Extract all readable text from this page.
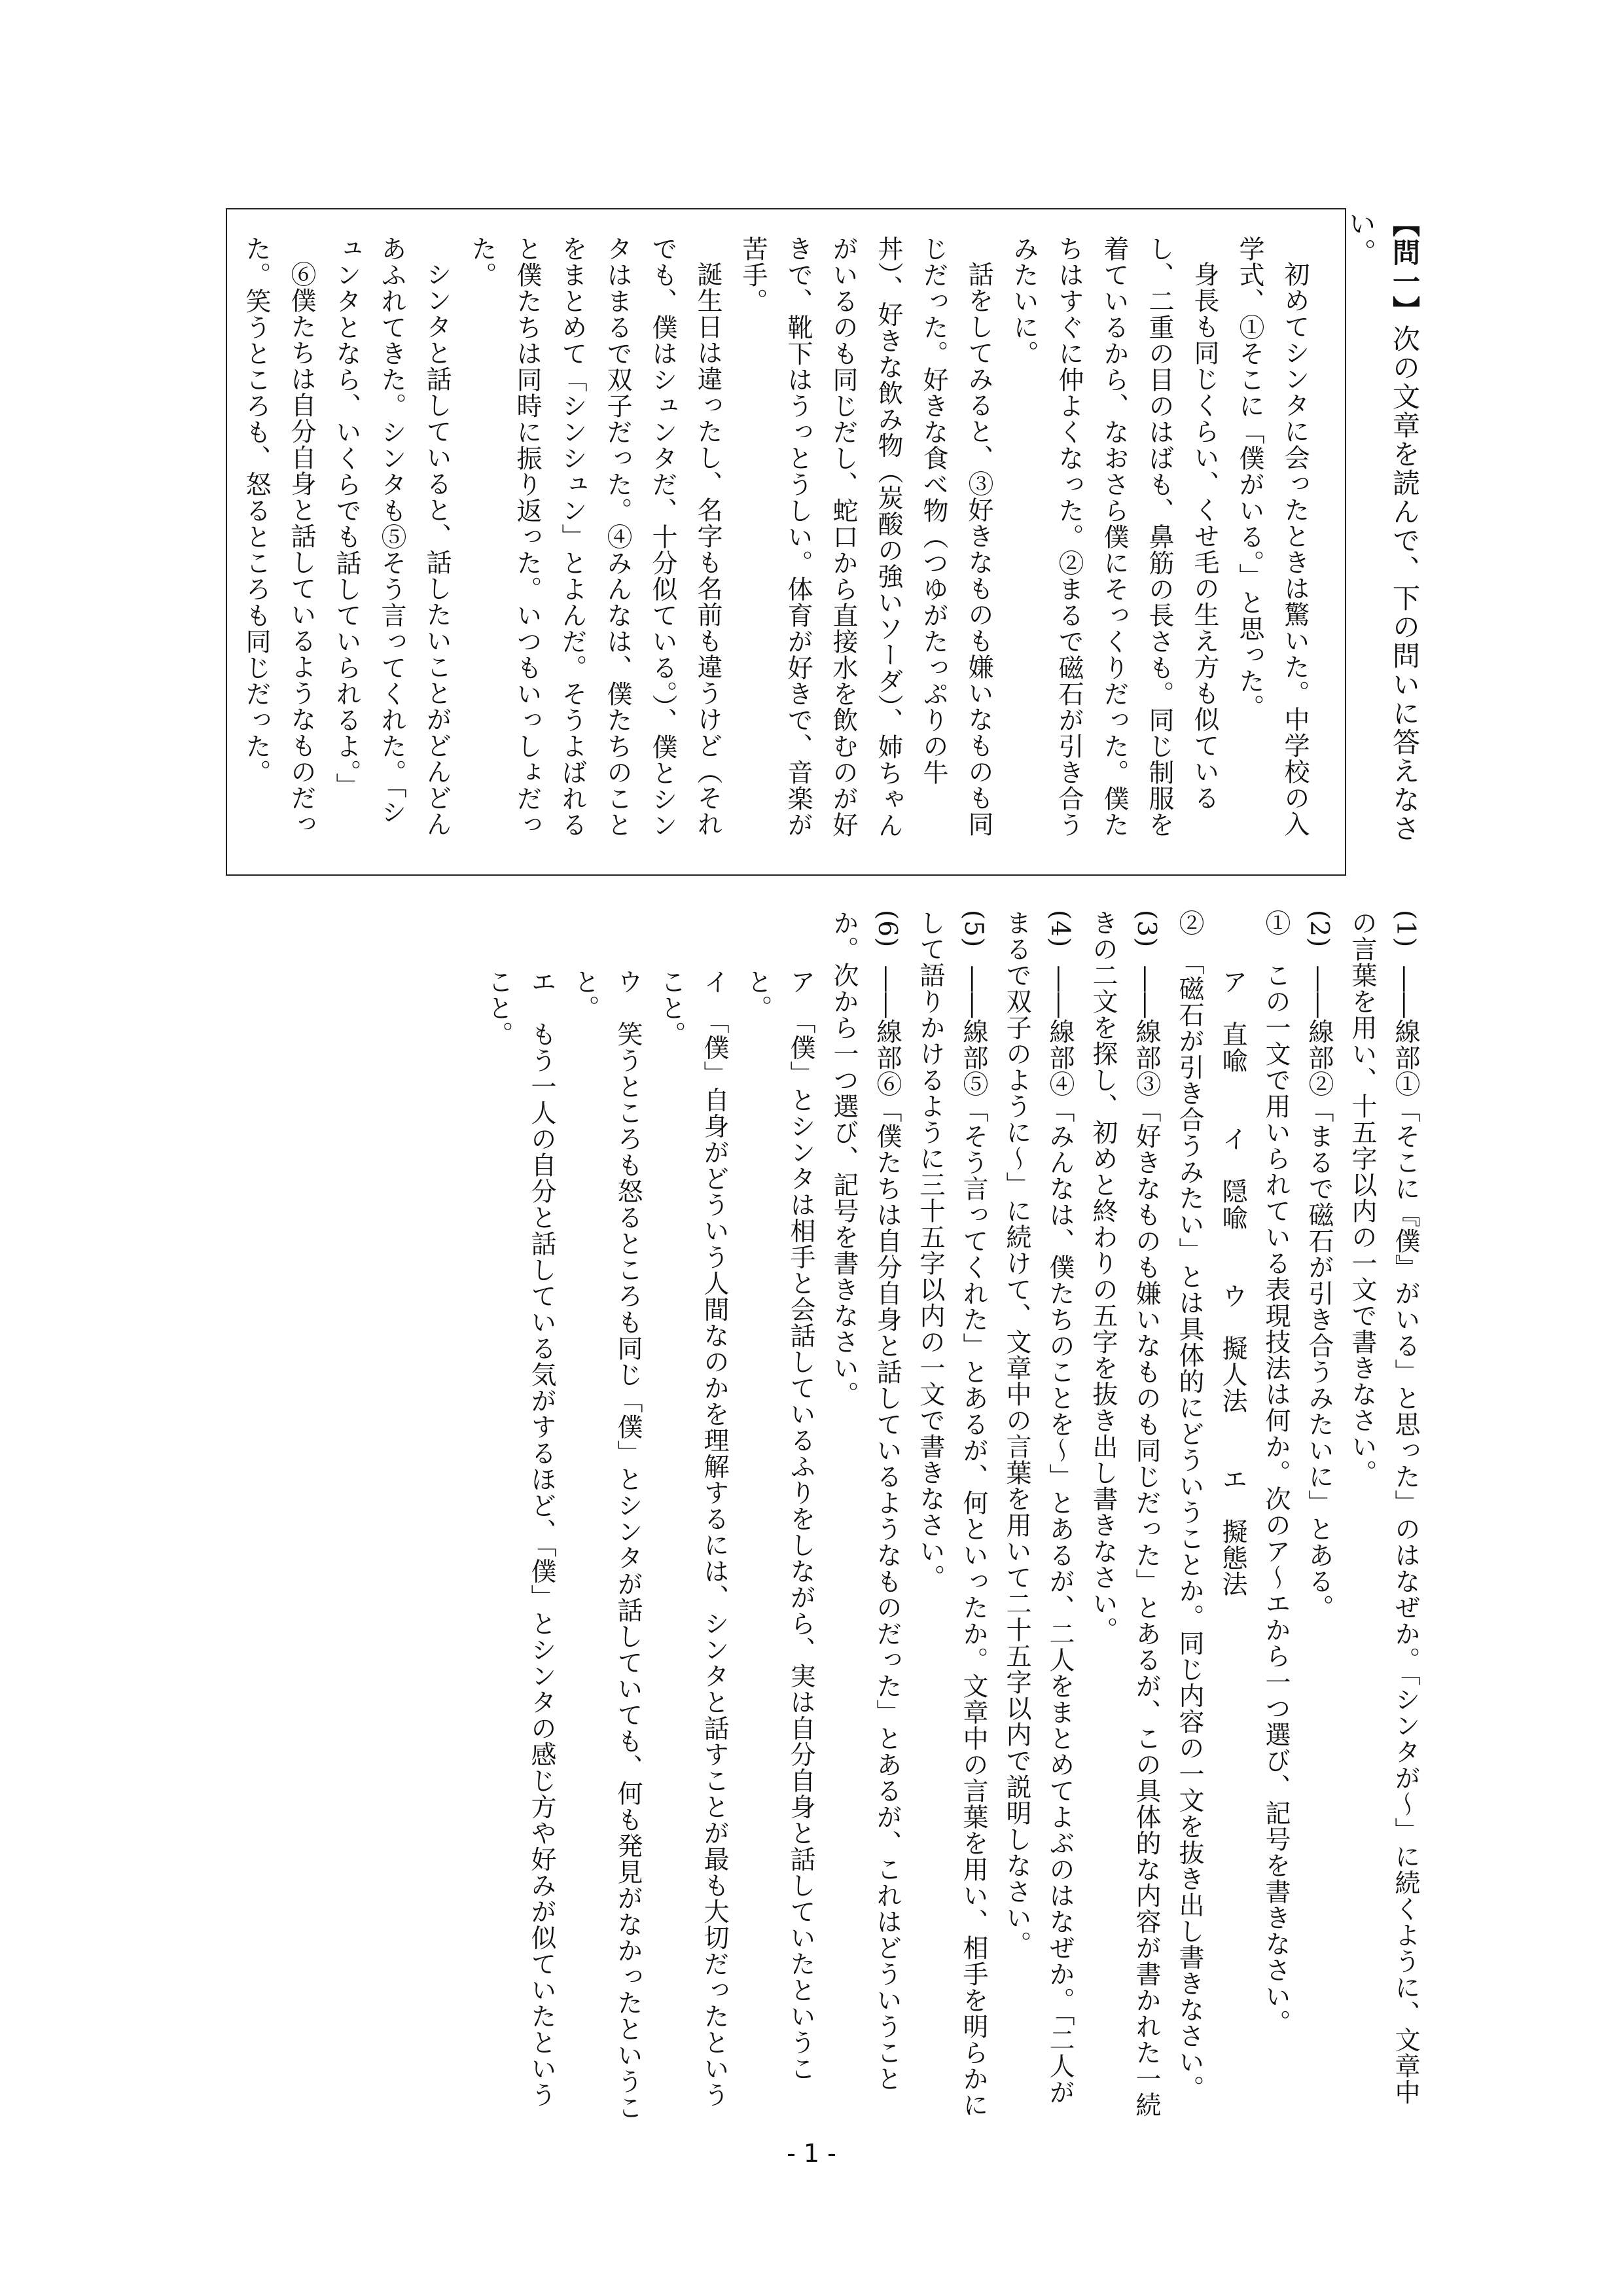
【問一】次の文章を読んで、下の問いに答えなさい。

初めてシンタに会ったときは驚いた。中学校の入学式、①そこに「僕がいる。」と思った。

身長も同じくらい、くせ毛の生え方も似ているし、二重の目のはばも、鼻筋の長さも。同じ制服を着ているから、なおさら僕にそっくりだった。僕たちはすぐに仲よくなった。②まるで磁石が引き合うみたいに。

話をしてみると、③好きなものも嫌いなものも同じだった。好きな食べ物（つゆがたっぷりの牛丼）、好きな飲み物（炭酸の強いソーダ）、姉ちゃんがいるのも同じだし、蛇口から直接水を飲むのが好きで、靴下はうっとうしい。体育が好きで、音楽が苦手。

誕生日は違ったし、名字も名前も違うけど（それでも、僕はシュンタだ、十分似ている。）、僕とシンタはまるで双子だった。④みんなは、僕たちのことをまとめて「シンシュン」とよんだ。そうよばれると僕たちは同時に振り返った。いつもいっしょだった。

シンタと話していると、話したいことがどんどんあふれてきた。シンタも⑤そう言ってくれた。「シュンタとなら、いくらでも話していられるよ。」

⑥僕たちは自分自身と話しているようなものだった。笑うところも、怒るところも同じだった。

(1)――線部①「そこに『僕』がいる」と思った」のはなぜか。「シンタが～」に続くように、文章中の言葉を用い、十五字以内の一文で書きなさい。
(2)――線部②「まるで磁石が引き合うみたいに」とある。
①　この一文で用いられている表現技法は何か。次のア～エから一つ選び、記号を書きなさい。
ア　直喩　　イ　隠喩　　ウ　擬人法　　エ　擬態法
②　「磁石が引き合うみたい」とは具体的にどういうことか。同じ内容の一文を抜き出し書きなさい。
(3)――線部③「好きなものも嫌いなものも同じだった」とあるが、この具体的な内容が書かれた一続きの二文を探し、初めと終わりの五字を抜き出し書きなさい。
(4)――線部④「みんなは、僕たちのことを～」とあるが、二人をまとめてよぶのはなぜか。「二人がまるで双子のように～」に続けて、文章中の言葉を用いて二十五字以内で説明しなさい。
(5)――線部⑤「そう言ってくれた」とあるが、何といったか。文章中の言葉を用い、相手を明らかにして語りかけるように三十五字以内の一文で書きなさい。
(6)――線部⑥「僕たちは自分自身と話しているようなものだった」とあるが、これはどういうことか。次から一つ選び、記号を書きなさい。
ア　「僕」とシンタは相手と会話しているふりをしながら、実は自分自身と話していたということ。
イ　「僕」自身がどういう人間なのかを理解するには、シンタと話すことが最も大切だったということ。
ウ　笑うところも怒るところも同じ「僕」とシンタが話していても、何も発見がなかったということ。
エ　もう一人の自分と話している気がするほど、「僕」とシンタの感じ方や好みが似ていたということ。
- 1 -
